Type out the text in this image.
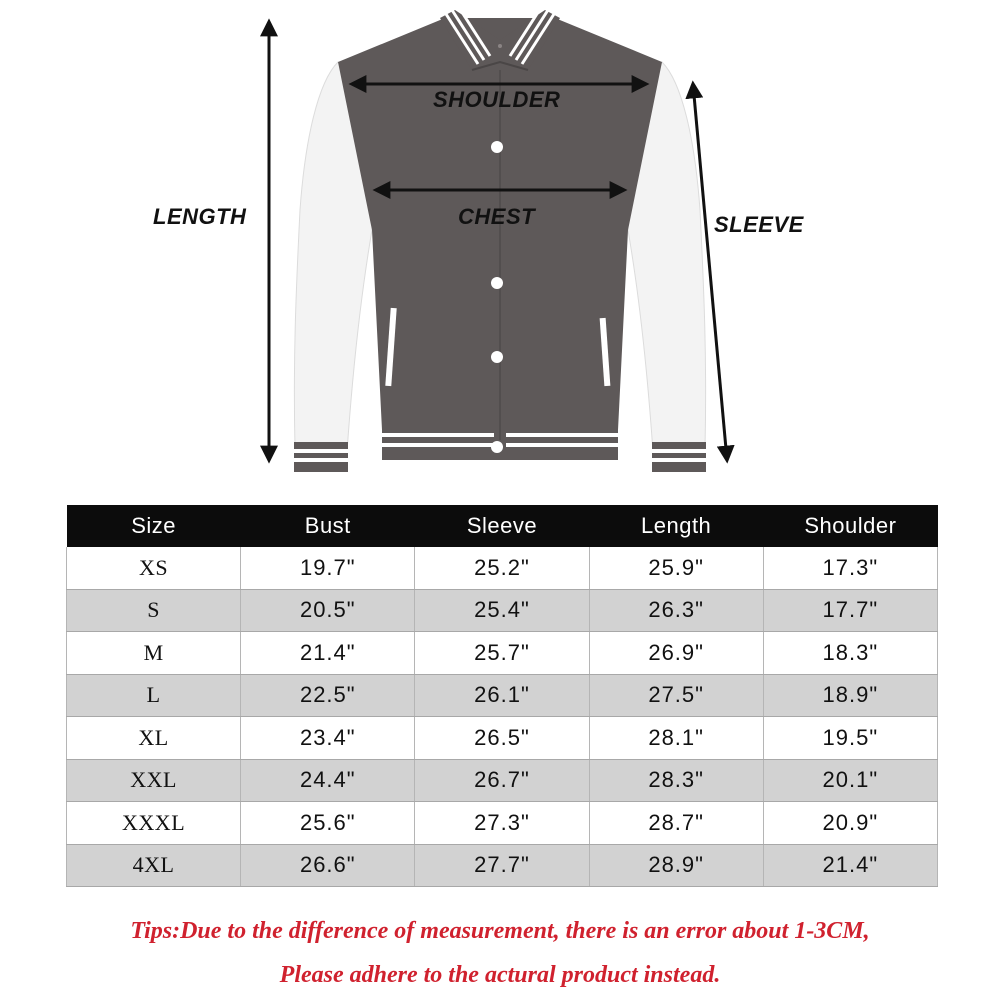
SHOULDER
CHEST
LENGTH	SLEEVE
Size	Bust	Sleeve	Length	Shoulder
XS	19.7"	25.2"	25.9"	17.3"
S	20.5"	25.4"	26.3"	17.7"
M	21.4"	25.7"	26.9"	18.3"
L	22.5"	26.1"	27.5"	18.9"
XL	23.4"	26.5"	28.1"	19.5"
XXL	24.4"	26.7"	28.3"	20.1"
XXXL	25.6"	27.3"	28.7"	20.9"
4XL	26.6"	27.7"	28.9"	21.4"
Tips:Due to the difference of measurement, there is an error about 1-3CM,
Please adhere to the actural product instead.
